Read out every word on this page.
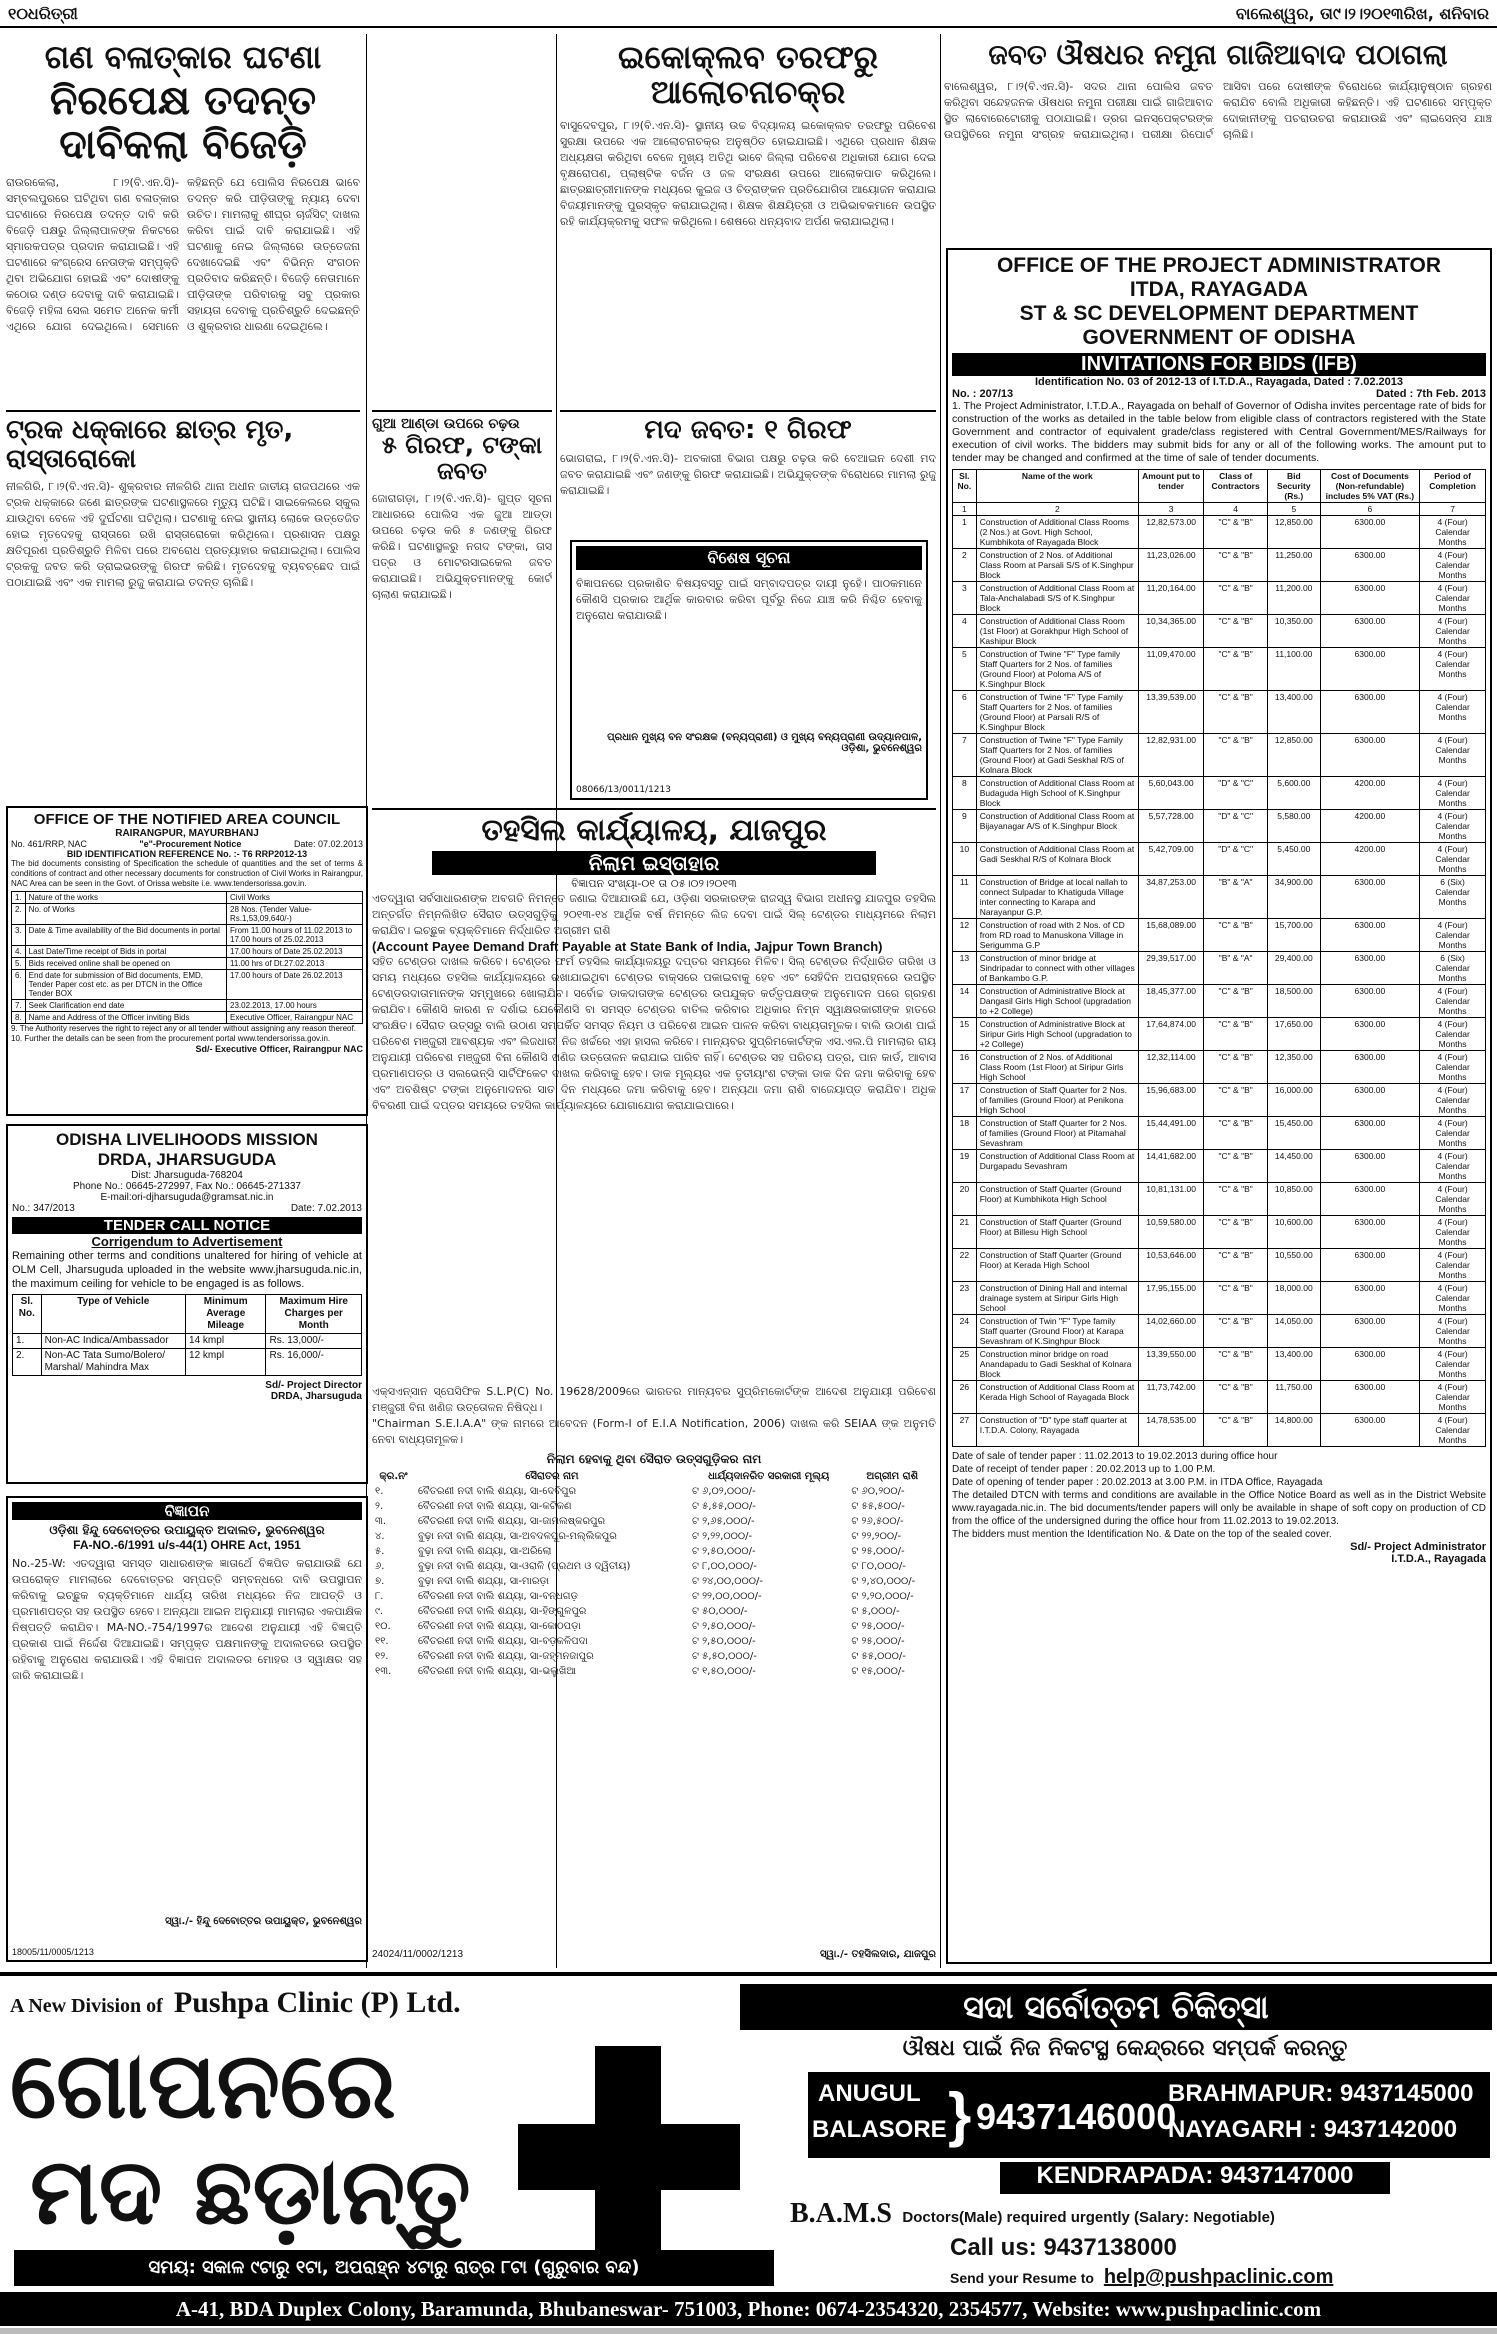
୧୦ଧରିତ୍ରୀ	ବାଲେଶ୍ୱର, ତା୯।୨।୨୦୧୩ରିଖ, ଶନିବାର
ଗଣ ବଳାତ୍କାର ଘଟଣା
ନିରପେକ୍ଷ ତଦନ୍ତ ଦାବିକଲା ବିଜେଡ଼ି
ରାଉରକେଲା, ୮।୨(ବି.ଏନ.ସି)- ସମ୍ବଲପୁରରେ ଘଟିଥିବା ଗଣ ବଳାତ୍କାର ଘଟଣାରେ ନିରପେକ୍ଷ ତଦନ୍ତ ଦାବି କରି ବିଜେଡ଼ି ପକ୍ଷରୁ ଜିଲ୍ଲାପାଳଙ୍କ ନିକଟରେ ସ୍ମାରକପତ୍ର ପ୍ରଦାନ କରାଯାଇଛି। ଏହି ଘଟଣାରେ କଂଗ୍ରେସ ନେତାଙ୍କ ସମ୍ପୃକ୍ତି ଥିବା ଅଭିଯୋଗ ହୋଇଛି ଏବଂ ଦୋଷୀଙ୍କୁ କଠୋର ଦଣ୍ଡ ଦେବାକୁ ଦାବି କରାଯାଇଛି। ବିଜେଡ଼ି ମହିଳା ସେଲ ସମେତ ଅନେକ କର୍ମୀ ଏଥିରେ ଯୋଗ ଦେଇଥିଲେ। ସେମାନେ କହିଛନ୍ତି ଯେ ପୋଲିସ ନିରପେକ୍ଷ ଭାବେ ତଦନ୍ତ କରି ପୀଡ଼ିତାଙ୍କୁ ନ୍ୟାୟ ଦେବା ଉଚିତ। ମାମଲାକୁ ଶୀଘ୍ର ଚାର୍ଜସିଟ୍ ଦାଖଲ କରିବା ପାଇଁ ଦାବି କରାଯାଇଛି। ଏହି ଘଟଣାକୁ ନେଇ ଜିଲ୍ଲାରେ ଉତ୍ତେଜନା ଦେଖାଦେଇଛି ଏବଂ ବିଭିନ୍ନ ସଂଗଠନ ପ୍ରତିବାଦ କରିଛନ୍ତି। ବିଜେଡ଼ି ନେତାମାନେ ପୀଡ଼ିତାଙ୍କ ପରିବାରକୁ ସବୁ ପ୍ରକାର ସହାୟତା ଦେବାକୁ ପ୍ରତିଶ୍ରୁତି ଦେଇଛନ୍ତି ଓ ଶୁକ୍ରବାର ଧାରଣା ଦେଇଥିଲେ।
ଇକୋକ୍ଲବ ତରଫରୁ ଆଲୋଚନାଚକ୍ର
ବାସୁଦେବପୁର, ୮।୨(ବି.ଏନ.ସି)- ସ୍ଥାନୀୟ ଉଚ୍ଚ ବିଦ୍ୟାଳୟ ଇକୋକ୍ଲବ ତରଫରୁ ପରିବେଶ ସୁରକ୍ଷା ଉପରେ ଏକ ଆଲୋଚନାଚକ୍ର ଅନୁଷ୍ଠିତ ହୋଇଯାଇଛି। ଏଥିରେ ପ୍ରଧାନ ଶିକ୍ଷକ ଅଧ୍ୟକ୍ଷତା କରିଥିବା ବେଳେ ମୁଖ୍ୟ ଅତିଥି ଭାବେ ଜିଲ୍ଲା ପରିବେଶ ଅଧିକାରୀ ଯୋଗ ଦେଇ ବୃକ୍ଷରୋପଣ, ପ୍ଲାଷ୍ଟିକ ବର୍ଜନ ଓ ଜଳ ସଂରକ୍ଷଣ ଉପରେ ଆଲୋକପାତ କରିଥିଲେ। ଛାତ୍ରଛାତ୍ରୀମାନଙ୍କ ମଧ୍ୟରେ କୁଇଜ ଓ ଚିତ୍ରାଙ୍କନ ପ୍ରତିଯୋଗିତା ଆୟୋଜନ କରାଯାଇ ବିଜୟୀମାନଙ୍କୁ ପୁରସ୍କୃତ କରାଯାଇଥିଲା। ଶିକ୍ଷକ ଶିକ୍ଷୟିତ୍ରୀ ଓ ଅଭିଭାବକମାନେ ଉପସ୍ଥିତ ରହି କାର୍ଯ୍ୟକ୍ରମକୁ ସଫଳ କରିଥିଲେ। ଶେଷରେ ଧନ୍ୟବାଦ ଅର୍ପଣ କରାଯାଇଥିଲା।
ଜବତ ଔଷଧର ନମୁନା ଗାଜିଆବାଦ ପଠାଗଲା
ବାଲେଶ୍ୱର, ୮।୨(ବି.ଏନ.ସି)- ସଦର ଥାନା ପୋଲିସ ଜବତ କରିଥିବା ସନ୍ଦେହଜନକ ଔଷଧର ନମୁନା ପରୀକ୍ଷା ପାଇଁ ଗାଜିଆବାଦ ସ୍ଥିତ ଲାବୋରେଟୋରୀକୁ ପଠାଯାଇଛି। ଡ୍ରଗ ଇନସ୍ପେକ୍ଟରଙ୍କ ଉପସ୍ଥିତିରେ ନମୁନା ସଂଗ୍ରହ କରାଯାଇଥିଲା। ପରୀକ୍ଷା ରିପୋର୍ଟ ଆସିବା ପରେ ଦୋଷୀଙ୍କ ବିରୋଧରେ କାର୍ଯ୍ୟାନୁଷ୍ଠାନ ଗ୍ରହଣ କରାଯିବ ବୋଲି ଅଧିକାରୀ କହିଛନ୍ତି। ଏହି ଘଟଣାରେ ସମ୍ପୃକ୍ତ ଦୋକାନୀଙ୍କୁ ପଚରାଉଚରା କରାଯାଉଛି ଏବଂ ଲାଇସେନ୍ସ ଯାଞ୍ଚ ଚାଲିଛି।
ଟ୍ରକ ଧକ୍କାରେ ଛାତ୍ର ମୃତ, ରାସ୍ତାରୋକୋ
ନୀଳଗିରି, ୮।୨(ବି.ଏନ.ସି)- ଶୁକ୍ରବାର ନୀଳଗିରି ଥାନା ଅଧୀନ ଜାତୀୟ ରାଜପଥରେ ଏକ ଟ୍ରକ ଧକ୍କାରେ ଜଣେ ଛାତ୍ରଙ୍କ ଘଟଣାସ୍ଥଳରେ ମୃତ୍ୟୁ ଘଟିଛି। ସାଇକେଲରେ ସ୍କୁଲ ଯାଉଥିବା ବେଳେ ଏହି ଦୁର୍ଘଟଣା ଘଟିଥିଲା। ଘଟଣାକୁ ନେଇ ସ୍ଥାନୀୟ ଲୋକେ ଉତ୍ତେଜିତ ହୋଇ ମୃତଦେହକୁ ରାସ୍ତାରେ ରଖି ରାସ୍ତାରୋକୋ କରିଥିଲେ। ପ୍ରଶାସନ ପକ୍ଷରୁ କ୍ଷତିପୂରଣ ପ୍ରତିଶ୍ରୁତି ମିଳିବା ପରେ ଅବରୋଧ ପ୍ରତ୍ୟାହାର କରାଯାଇଥିଲା। ପୋଲିସ ଟ୍ରକକୁ ଜବତ କରି ଡ୍ରାଇଭରଙ୍କୁ ଗିରଫ କରିଛି। ମୃତଦେହକୁ ବ୍ୟବଚ୍ଛେଦ ପାଇଁ ପଠାଯାଇଛି ଏବଂ ଏକ ମାମଲା ରୁଜୁ କରାଯାଇ ତଦନ୍ତ ଚାଲିଛି।
ଗୁଆ ଆଣ୍ଡା ଉପରେ ଚଢ଼ଉ
୫ ଗିରଫ, ଟଙ୍କା ଜବତ
ଜୋରାଗଡ଼ା, ୮।୨(ବି.ଏନ.ସି)- ଗୁପ୍ତ ସୂଚନା ଆଧାରରେ ପୋଲିସ ଏକ ଜୁଆ ଆଡ୍ଡା ଉପରେ ଚଢ଼ଉ କରି ୫ ଜଣଙ୍କୁ ଗିରଫ କରିଛି। ଘଟଣାସ୍ଥଳରୁ ନଗଦ ଟଙ୍କା, ତାସ ପତ୍ର ଓ ମୋଟରସାଇକେଲ ଜବତ କରାଯାଇଛି। ଅଭିଯୁକ୍ତମାନଙ୍କୁ କୋର୍ଟ ଚାଲାଣ କରାଯାଇଛି।
ମଦ ଜବତ: ୧ ଗିରଫ
ଭୋଗରାଇ, ୮।୨(ବି.ଏନ.ସି)- ଅବକାରୀ ବିଭାଗ ପକ୍ଷରୁ ଚଢ଼ଉ କରି ବେଆଇନ ଦେଶୀ ମଦ ଜବତ କରାଯାଇଛି ଏବଂ ଜଣଙ୍କୁ ଗିରଫ କରାଯାଇଛି। ଅଭିଯୁକ୍ତଙ୍କ ବିରୋଧରେ ମାମଲା ରୁଜୁ କରାଯାଇଛି।
ବିଶେଷ ସୂଚନା
ବିଜ୍ଞାପନରେ ପ୍ରକାଶିତ ବିଷୟବସ୍ତୁ ପାଇଁ ସମ୍ବାଦପତ୍ର ଦାୟୀ ନୁହେଁ। ପାଠକମାନେ କୌଣସି ପ୍ରକାର ଆର୍ଥିକ କାରବାର କରିବା ପୂର୍ବରୁ ନିଜେ ଯାଞ୍ଚ କରି ନିଶ୍ଚିତ ହେବାକୁ ଅନୁରୋଧ କରାଯାଉଛି।
ପ୍ରଧାନ ମୁଖ୍ୟ ବନ ସଂରକ୍ଷକ (ବନ୍ୟପ୍ରାଣୀ) ଓ ମୁଖ୍ୟ ବନ୍ୟପ୍ରାଣୀ ଉଦ୍ୟାନପାଳ, ଓଡ଼ିଶା, ଭୁବନେଶ୍ୱର
08066/13/0011/1213
OFFICE OF THE NOTIFIED AREA COUNCIL
RAIRANGPUR, MAYURBHANJ
No. 461/RRP, NAC	"e"-Procurement Notice	Date: 07.02.2013
BID IDENTIFICATION REFERENCE No. :- T6 RRP2012-13
The bid documents consisting of Specification the schedule of quantities and the set of terms & conditions of contract and other necessary documents for construction of Civil Works in Rairangpur, NAC Area can be seen in the Govt. of Orissa website i.e. www.tendersorissa.gov.in.
1.	Nature of the works	Civil Works
2.	No. of Works	28 Nos. (Tender Value-Rs.1,53,09,640/-)
3.	Date & Time availability of the Bid documents in portal	From 11.00 hours of 11.02.2013 to 17.00 hours of 25.02.2013
4.	Last Date/Time receipt of Bids in portal	17.00 hours of Date 25.02.2013
5.	Bids received online shall be opened on	11.00 hrs of Dt.27.02.2013
6.	End date for submission of Bid documents, EMD, Tender Paper cost etc. as per DTCN in the Office Tender BOX	17.00 hours of Date 26.02.2013
7.	Seek Clarification end date	23.02.2013, 17.00 hours
8.	Name and Address of the Officer inviting Bids	Executive Officer, Rairangpur NAC
9. The Authority reserves the right to reject any or all tender without assigning any reason thereof.
10. Further the details can be seen from the procurement portal www.tendersorissa.gov.in.
Sd/- Executive Officer, Rairangpur NAC
ODISHA LIVELIHOODS MISSION
DRDA, JHARSUGUDA
Dist: Jharsuguda-768204
Phone No.: 06645-272997, Fax No.: 06645-271337
E-mail:ori-djharsuguda@gramsat.nic.in
No.: 347/2013	Date: 7.02.2013
TENDER CALL NOTICE
Corrigendum to Advertisement
Remaining other terms and conditions unaltered for hiring of vehicle at OLM Cell, Jharsuguda uploaded in the website www.jharsuguda.nic.in, the maximum ceiling for vehicle to be engaged is as follows.
Sl. No.	Type of Vehicle	Minimum Average Mileage	Maximum Hire Charges per Month
1.	Non-AC Indica/Ambassador	14 kmpl	Rs. 13,000/-
2.	Non-AC Tata Sumo/Bolero/ Marshal/ Mahindra Max	12 kmpl	Rs. 16,000/-
Sd/- Project Director
DRDA, Jharsuguda
ବିଜ୍ଞାପନ
ଓଡ଼ିଶା ହିନ୍ଦୁ ଦେବୋତ୍ତର ଉପାୟୁକ୍ତ ଅଦାଲତ, ଭୁବନେଶ୍ୱର
FA-NO.-6/1991 u/s-44(1) OHRE Act, 1951
No.-25-W: ଏତଦ୍ୱାରା ସମସ୍ତ ସାଧାରଣଙ୍କ ଜ୍ଞାତାର୍ଥେ ବିଜ୍ଞପିତ କରାଯାଉଛି ଯେ ଉପରୋକ୍ତ ମାମଲାରେ ଦେବୋତ୍ତର ସମ୍ପତ୍ତି ସମ୍ବନ୍ଧରେ ଦାବି ଉପସ୍ଥାପନ କରିବାକୁ ଇଚ୍ଛୁକ ବ୍ୟକ୍ତିମାନେ ଧାର୍ଯ୍ୟ ତାରିଖ ମଧ୍ୟରେ ନିଜ ଆପତ୍ତି ଓ ପ୍ରମାଣପତ୍ର ସହ ଉପସ୍ଥିତ ହେବେ। ଅନ୍ୟଥା ଆଇନ ଅନୁଯାୟୀ ମାମଲାର ଏକପାକ୍ଷିକ ନିଷ୍ପତ୍ତି କରାଯିବ। MA-NO.-754/1997ର ଆଦେଶ ଅନୁଯାୟୀ ଏହି ବିଜ୍ଞପ୍ତି ପ୍ରକାଶ ପାଇଁ ନିର୍ଦ୍ଦେଶ ଦିଆଯାଇଛି। ସମ୍ପୃକ୍ତ ପକ୍ଷମାନଙ୍କୁ ଅଦାଲତରେ ଉପସ୍ଥିତ ରହିବାକୁ ଅନୁରୋଧ କରାଯାଉଛି। ଏହି ବିଜ୍ଞାପନ ଅଦାଲତର ମୋହର ଓ ସ୍ୱାକ୍ଷର ସହ ଜାରି କରାଯାଇଛି।
ସ୍ୱା./- ହିନ୍ଦୁ ଦେବୋତ୍ତର ଉପାୟୁକ୍ତ, ଭୁବନେଶ୍ୱର
18005/11/0005/1213
ତହସିଲ କାର୍ଯ୍ୟାଳୟ, ଯାଜପୁର
ନିଲାମ ଇସ୍ତାହାର
ବିଜ୍ଞାପନ ସଂଖ୍ୟା-୦୧ ତା ୦୫।୦୨।୨୦୧୩
ଏତଦ୍ୱାରା ସର୍ବସାଧାରଣଙ୍କ ଅବଗତି ନିମନ୍ତେ ଜଣାଇ ଦିଆଯାଉଛି ଯେ, ଓଡ଼ିଶା ସରକାରଙ୍କ ରାଜସ୍ୱ ବିଭାଗ ଅଧୀନସ୍ଥ ଯାଜପୁର ତହସିଲ ଅନ୍ତର୍ଗତ ନିମ୍ନଲିଖିତ ସୈରାତ ଉତ୍ସଗୁଡ଼ିକୁ ୨୦୧୩-୧୪ ଆର୍ଥିକ ବର୍ଷ ନିମନ୍ତେ ଲିଜ ଦେବା ପାଇଁ ସିଲ୍ ଟେଣ୍ଡର ମାଧ୍ୟମରେ ନିଲାମ କରାଯିବ। ଇଚ୍ଛୁକ ବ୍ୟକ୍ତିମାନେ ନିର୍ଦ୍ଧାରିତ ଅଗ୍ରୀମ ରାଶି
(Account Payee Demand Draft Payable at State Bank of India, Jajpur Town Branch)
ସହିତ ଟେଣ୍ଡର ଦାଖଲ କରିବେ। ଟେଣ୍ଡର ଫର୍ମ ତହସିଲ କାର୍ଯ୍ୟାଳୟରୁ ଦପ୍ତର ସମୟରେ ମିଳିବ। ସିଲ୍ ଟେଣ୍ଡର ନିର୍ଦ୍ଧାରିତ ତାରିଖ ଓ ସମୟ ମଧ୍ୟରେ ତହସିଲ କାର୍ଯ୍ୟାଳୟରେ ରଖାଯାଇଥିବା ଟେଣ୍ଡର ବାକ୍ସରେ ପକାଇବାକୁ ହେବ ଏବଂ ସେହିଦିନ ଅପରାହ୍ନରେ ଉପସ୍ଥିତ ଟେଣ୍ଡରଦାତାମାନଙ୍କ ସମ୍ମୁଖରେ ଖୋଲାଯିବ। ସର୍ବୋଚ୍ଚ ଡାକଦାତାଙ୍କ ଟେଣ୍ଡର ଉପଯୁକ୍ତ କର୍ତ୍ତୃପକ୍ଷଙ୍କ ଅନୁମୋଦନ ପରେ ଗ୍ରହଣ କରାଯିବ। କୌଣସି କାରଣ ନ ଦର୍ଶାଇ ଯେକୌଣସି ବା ସମସ୍ତ ଟେଣ୍ଡର ବାତିଲ କରିବାର ଅଧିକାର ନିମ୍ନ ସ୍ୱାକ୍ଷରକାରୀଙ୍କ ହାତରେ ସଂରକ୍ଷିତ। ସୈରାତ ଉତ୍ସରୁ ବାଲି ଉଠାଣ ସମ୍ପର୍କିତ ସମସ୍ତ ନିୟମ ଓ ପରିବେଶ ଆଇନ ପାଳନ କରିବା ବାଧ୍ୟତାମୂଳକ। ବାଲି ଉଠାଣ ପାଇଁ ପରିବେଶ ମଞ୍ଜୁରୀ ଆବଶ୍ୟକ ଏବଂ ଲିଜଧାରୀ ନିଜ ଖର୍ଚ୍ଚରେ ଏହା ହାସଲ କରିବେ। ମାନ୍ୟବର ସୁପ୍ରିମକୋର୍ଟଙ୍କ ଏସ.ଏଲ.ପି ମାମଲାର ରାୟ ଅନୁଯାୟୀ ପରିବେଶ ମଞ୍ଜୁରୀ ବିନା କୌଣସି ଖଣିଜ ଉତ୍ତୋଳନ କରାଯାଇ ପାରିବ ନାହିଁ। ଟେଣ୍ଡର ସହ ପରିଚୟ ପତ୍ର, ପାନ କାର୍ଡ, ଆବାସ ପ୍ରମାଣପତ୍ର ଓ ସଲଭେନ୍ସି ସାର୍ଟିଫିକେଟ ଦାଖଲ କରିବାକୁ ହେବ। ଡାକ ମୂଲ୍ୟର ଏକ ତୃତୀୟାଂଶ ଟଙ୍କା ଡାକ ଦିନ ଜମା କରିବାକୁ ହେବ ଏବଂ ଅବଶିଷ୍ଟ ଟଙ୍କା ଅନୁମୋଦନର ସାତ ଦିନ ମଧ୍ୟରେ ଜମା କରିବାକୁ ହେବ। ଅନ୍ୟଥା ଜମା ରାଶି ବାଜେୟାପ୍ତ କରାଯିବ। ଅଧିକ ବିବରଣୀ ପାଇଁ ଦପ୍ତର ସମୟରେ ତହସିଲ କାର୍ଯ୍ୟାଳୟରେ ଯୋଗାଯୋଗ କରାଯାଇପାରେ।
ଏକ୍ସଏନ୍ସାନ ସ୍ପେସିଫିକ S.L.P(C) No. 19628/2009ରେ ଭାରତର ମାନ୍ୟବର ସୁପ୍ରିମକୋର୍ଟଙ୍କ ଆଦେଶ ଅନୁଯାୟୀ ପରିବେଶ ମଞ୍ଜୁରୀ ବିନା ଖଣିଜ ଉତ୍ତୋଳନ ନିଷିଦ୍ଧ।
"Chairman S.E.I.A.A" ଙ୍କ ନାମରେ ଆବେଦନ (Form-I of E.I.A Notification, 2006) ଦାଖଲ କରି SEIAA ଙ୍କ ଅନୁମତି ନେବା ବାଧ୍ୟତାମୂଳକ।
ନିଲାମ ହେବାକୁ ଥିବା ସୈରାତ ଉତ୍ସଗୁଡ଼ିକର ନାମ
କ୍ର.ନଂ	ସୈରାତର ନାମ	ଧାର୍ଯ୍ୟଦାନରିତ ସରକାରୀ ମୂଲ୍ୟ	ଅଗ୍ରୀମ ରାଶି
୧.	ବୈତରଣୀ ନଦୀ ବାଲି ଶଯ୍ୟା, ସା-ଦେବିପୁର	ଟ ୬,୦୨,୦୦୦/-	ଟ ୬୦,୨୦୦/-
୨.	ବୈତରଣୀ ନଦୀ ବାଲି ଶଯ୍ୟା, ସା-କଟିକଣ	ଟ ୫,୫୫,୦୦୦/-	ଟ ୫୫,୫୦୦/-
୩.	ବୈତରଣୀ ନଦୀ ବାଲି ଶଯ୍ୟା, ସା-ଜାମଲଷ୍କରପୁର	ଟ ୨,୬୫,୦୦୦/-	ଟ ୨୬,୫୦୦/-
୪.	ବୁଢ଼ା ନଦୀ ବାଲି ଶଯ୍ୟା, ସା-ଅବଦଳପୁର-ମଲ୍ଲିକପୁର	ଟ ୨,୨୨,୦୦୦/-	ଟ ୨୨,୨୦୦/-
୫.	ବୁଢ଼ା ନଦୀ ବାଲି ଶଯ୍ୟା, ସା-ଅରିଲୋ	ଟ ୨,୫୦,୦୦୦/-	ଟ ୨୫,୦୦୦/-
୬.	ବୁଢ଼ା ନଦୀ ବାଲି ଶଯ୍ୟା, ସା-ଓରାଳି (ପ୍ରଥମ ଓ ଦ୍ୱିତୀୟ)	ଟ ୮,୦୦,୦୦୦/-	ଟ ୮୦,୦୦୦/-
୭.	ବୁଢ଼ା ନଦୀ ବାଲି ଶଯ୍ୟା, ସା-ମାରଡ଼ା	ଟ ୨୪,୦୦,୦୦୦/-	ଟ ୨,୪୦,୦୦୦/-
୮.	ବୈତରଣୀ ନଦୀ ବାଲି ଶଯ୍ୟା, ସା-ବନ୍ଧଗଡ଼	ଟ ୨୨,୦୦,୦୦୦/-	ଟ ୨,୨୦,୦୦୦/-
୯.	ବୈତରଣୀ ନଦୀ ବାଲି ଶଯ୍ୟା, ସା-ହିଙ୍ଗୁଳପୁର	ଟ ୫୦,୦୦୦/-	ଟ ୫,୦୦୦/-
୧୦.	ବୈତରଣୀ ନଦୀ ବାଲି ଶଯ୍ୟା, ସା-କୋଠପଡ଼ା	ଟ ୨,୫୦,୦୦୦/-	ଟ ୨୫,୦୦୦/-
୧୧.	ବୈତରଣୀ ନଦୀ ବାଲି ଶଯ୍ୟା, ସା-ବଡ଼କଳିପଦା	ଟ ୨,୫୦,୦୦୦/-	ଟ ୨୫,୦୦୦/-
୧୨.	ବୈତରଣୀ ନଦୀ ବାଲି ଶଯ୍ୟା, ସା-ଜହ୍ମନଜାପୁର	ଟ ୫,୫୦,୦୦୦/-	ଟ ୫୫,୦୦୦/-
୧୩.	ବୈତରଣୀ ନଦୀ ବାଲି ଶଯ୍ୟା, ସା-ଭଲୁଖିଆ	ଟ ୧,୫୦,୦୦୦/-	ଟ ୧୫,୦୦୦/-
24024/11/0002/1213	ସ୍ୱା./- ତହସିଲଦାର, ଯାଜପୁର
OFFICE OF THE PROJECT ADMINISTRATOR
ITDA, RAYAGADA
ST & SC DEVELOPMENT DEPARTMENT
GOVERNMENT OF ODISHA
INVITATIONS FOR BIDS (IFB)
Identification No. 03 of 2012-13 of I.T.D.A., Rayagada, Dated : 7.02.2013
No. : 207/13	Dated : 7th Feb. 2013
1. The Project Administrator, I.T.D.A., Rayagada on behalf of Governor of Odisha invites percentage rate of bids for construction of the works as detailed in the table below from eligible class of contractors registered with the State Government and contractor of equivalent grade/class registered with Central Government/MES/Railways for execution of civil works. The bidders may submit bids for any or all of the following works. The amount put to tender may be changed and confirmed at the time of sale of tender documents.
Sl. No.	Name of the work	Amount put to tender	Class of Contractors	Bid Security (Rs.)	Cost of Documents (Non-refundable) includes 5% VAT (Rs.)	Period of Completion
1	2	3	4	5	6	7
1	Construction of Additional Class Rooms (2 Nos.) at Govt. High School, Kumbhikota of Rayagada Block	12,82,573.00	"C" & "B"	12,850.00	6300.00	4 (Four) Calendar Months
2	Construction of 2 Nos. of Additional Class Room at Parsali S/S of K.Singhpur Block	11,23,026.00	"C" & "B"	11,250.00	6300.00	4 (Four) Calendar Months
3	Construction of Additional Class Room at Tala-Anchalabadi S/S of K.Singhpur Block	11,20,164.00	"C" & "B"	11,200.00	6300.00	4 (Four) Calendar Months
4	Construction of Additional Class Room (1st Floor) at Gorakhpur High School of Kashipur Block	10,34,365.00	"C" & "B"	10,350.00	6300.00	4 (Four) Calendar Months
5	Construction of Twine "F" Type family Staff Quarters for 2 Nos. of families (Ground Floor) at Poloma A/S of K.Singhpur Block	11,09,470.00	"C" & "B"	11,100.00	6300.00	4 (Four) Calendar Months
6	Construction of Twine "F" Type Family Staff Quarters for 2 Nos. of families (Ground Floor) at Parsali R/S of K.Singhpur Block	13,39,539.00	"C" & "B"	13,400.00	6300.00	4 (Four) Calendar Months
7	Construction of Twine "F" Type Family Staff Quarters for 2 Nos. of families (Ground Floor) at Gadi Seskhal R/S of Kolnara Block	12,82,931.00	"C" & "B"	12,850.00	6300.00	4 (Four) Calendar Months
8	Construction of Additional Class Room at Budaguda High School of K.Singhpur Block	5,60,043.00	"D" & "C"	5,600.00	4200.00	4 (Four) Calendar Months
9	Construction of Additional Class Room at Bijayanagar A/S of K.Singhpur Block	5,57,728.00	"D" & "C"	5,580.00	4200.00	4 (Four) Calendar Months
10	Construction of Additional Class Room at Gadi Seskhal R/S of Kolnara Block	5,42,709.00	"D" & "C"	5,450.00	4200.00	4 (Four) Calendar Months
11	Construction of Bridge at local nallah to connect Sulpadar to Khatiguda Village inter connecting to Karapa and Narayanpur G.P.	34,87,253.00	"B" & "A"	34,900.00	6300.00	6 (Six) Calendar Months
12	Construction of road with 2 Nos. of CD from RD road to Manuskona Village in Serigumma G.P	15,68,089.00	"C" & "B"	15,700.00	6300.00	4 (Four) Calendar Months
13	Construction of minor bridge at Sindripadar to connect with other villages of Bankambo G.P.	29,39,517.00	"B" & "A"	29,400.00	6300.00	6 (Six) Calendar Months
14	Construction of Administrative Block at Dangasil Girls High School (upgradation to +2 College)	18,45,377.00	"C" & "B"	18,500.00	6300.00	4 (Four) Calendar Months
15	Construction of Administrative Block at Siripur Girls High School (upgradation to +2 College)	17,64,874.00	"C" & "B"	17,650.00	6300.00	4 (Four) Calendar Months
16	Construction of 2 Nos. of Additional Class Room (1st Floor) at Siripur Girls High School	12,32,114.00	"C" & "B"	12,350.00	6300.00	4 (Four) Calendar Months
17	Construction of Staff Quarter for 2 Nos. of families (Ground Floor) at Penikona High School	15,96,683.00	"C" & "B"	16,000.00	6300.00	4 (Four) Calendar Months
18	Construction of Staff Quarter for 2 Nos. of families (Ground Floor) at Pitamahal Sevashram	15,44,491.00	"C" & "B"	15,450.00	6300.00	4 (Four) Calendar Months
19	Construction of Additional Class Room at Durgapadu Sevashram	14,41,682.00	"C" & "B"	14,450.00	6300.00	4 (Four) Calendar Months
20	Construction of Staff Quarter (Ground Floor) at Kumbhikota High School	10,81,131.00	"C" & "B"	10,850.00	6300.00	4 (Four) Calendar Months
21	Construction of Staff Quarter (Ground Floor) at Billesu High School	10,59,580.00	"C" & "B"	10,600.00	6300.00	4 (Four) Calendar Months
22	Construction of Staff Quarter (Ground Floor) at Kerada High School	10,53,646.00	"C" & "B"	10,550.00	6300.00	4 (Four) Calendar Months
23	Construction of Dining Hall and internal drainage system at Siripur Girls High School	17,95,155.00	"C" & "B"	18,000.00	6300.00	4 (Four) Calendar Months
24	Construction of Twin "F" Type family Staff quarter (Ground Floor) at Karapa Sevashram of K.Singhpur Block	14,02,660.00	"C" & "B"	14,050.00	6300.00	4 (Four) Calendar Months
25	Construction minor bridge on road Anandapadu to Gadi Seskhal of Kolnara Block	13,39,550.00	"C" & "B"	13,400.00	6300.00	4 (Four) Calendar Months
26	Construction of Additional Class Room at Kerada High School of Rayagada Block	11,73,742.00	"C" & "B"	11,750.00	6300.00	4 (Four) Calendar Months
27	Construction of "D" type staff quarter at I.T.D.A. Colony, Rayagada	14,78,535.00	"C" & "B"	14,800.00	6300.00	4 (Four) Calendar Months
Date of sale of tender paper : 11.02.2013 to 19.02.2013 during office hour
Date of receipt of tender paper : 20.02.2013 up to 1.00 P.M.
Date of opening of tender paper : 20.02.2013 at 3.00 P.M. in ITDA Office, Rayagada
The detailed DTCN with terms and conditions are available in the Office Notice Board as well as in the District Website www.rayagada.nic.in. The bid documents/tender papers will only be available in shape of soft copy on production of CD from the office of the undersigned during the office hour from 11.02.2013 to 19.02.2013.
The bidders must mention the Identification No. & Date on the top of the sealed cover.
Sd/- Project Administrator
I.T.D.A., Rayagada
A New Division of Pushpa Clinic (P) Ltd.	ସଦା ସର୍ବୋତ୍ତମ ଚିକିତ୍ସା
ଗୋପନରେ
ମଦ ଛଡ଼ାନ୍ତୁ
ଔଷଧ ପାଇଁ ନିଜ ନିକଟସ୍ଥ କେନ୍ଦ୍ରରେ ସମ୍ପର୍କ କରନ୍ତୁ
ANUGUL
BALASORE } 9437146000
BRAHMAPUR: 9437145000
NAYAGARH : 9437142000
KENDRAPADA: 9437147000
B.A.M.S Doctors(Male) required urgently (Salary: Negotiable)
Call us: 9437138000
Send your Resume to help@pushpaclinic.com
ସମୟ: ସକାଳ ୯ଟାରୁ ୧ଟା, ଅପରାହ୍ନ ୪ଟାରୁ ରାତ୍ର ୮ଟା (ଗୁରୁବାର ବନ୍ଦ)
A-41, BDA Duplex Colony, Baramunda, Bhubaneswar- 751003, Phone: 0674-2354320, 2354577, Website: www.pushpaclinic.com
